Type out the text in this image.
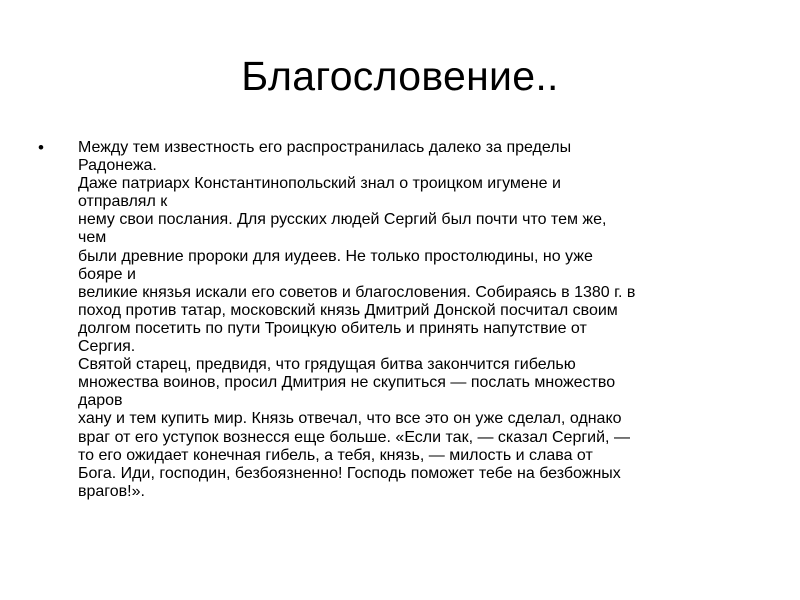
Благословение..
• Между тем известность его распространилась далеко за пределы
Радонежа.
Даже патриарх Константинопольский знал о троицком игумене и
отправлял к
нему свои послания. Для русских людей Сергий был почти что тем же,
чем
были древние пророки для иудеев. Не только простолюдины, но уже
бояре и
великие князья искали его советов и благословения. Собираясь в 1380 г. в
поход против татар, московский князь Дмитрий Донской посчитал своим
долгом посетить по пути Троицкую обитель и принять напутствие от
Сергия.
Святой старец, предвидя, что грядущая битва закончится гибелью
множества воинов, просил Дмитрия не скупиться — послать множество
даров
хану и тем купить мир. Князь отвечал, что все это он уже сделал, однако
враг от его уступок вознесся еще больше. «Если так, — сказал Сергий, —
то его ожидает конечная гибель, а тебя, князь, — милость и слава от
Бога. Иди, господин, безбоязненно! Господь поможет тебе на безбожных
врагов!».
